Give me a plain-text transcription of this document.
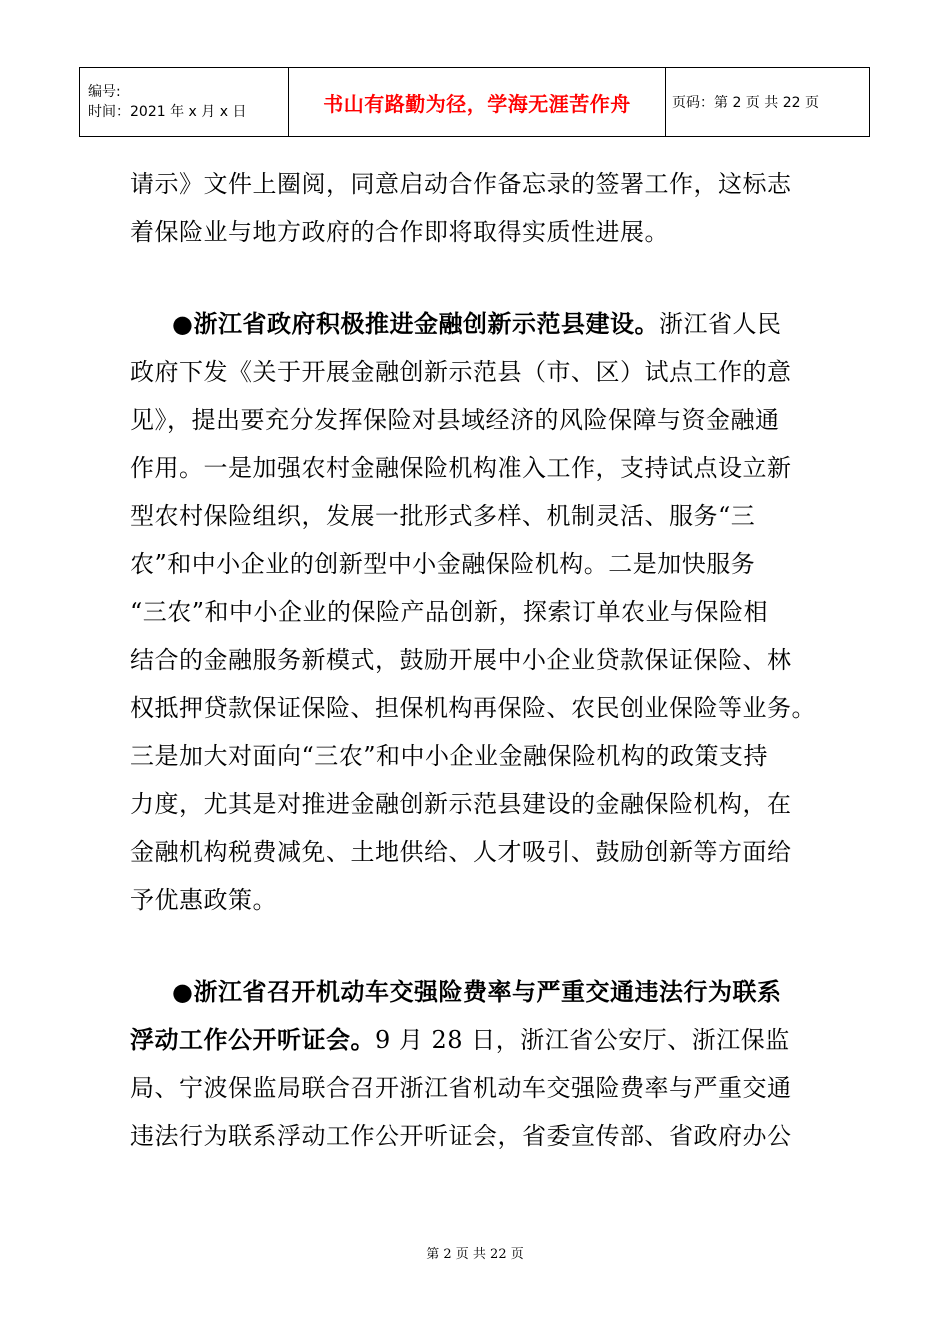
编号:
时间：2021 年 x 月 x 日	书山有路勤为径，学海无涯苦作舟	页码：第 2 页 共 22 页
请示》文件上圈阅，同意启动合作备忘录的签署工作，这标志
着保险业与地方政府的合作即将取得实质性进展。
●浙江省政府积极推进金融创新示范县建设。浙江省人民
政府下发《关于开展金融创新示范县（市、区）试点工作的意
见》，提出要充分发挥保险对县域经济的风险保障与资金融通
作用。一是加强农村金融保险机构准入工作，支持试点设立新
型农村保险组织，发展一批形式多样、机制灵活、服务“三
农”和中小企业的创新型中小金融保险机构。二是加快服务
“三农”和中小企业的保险产品创新，探索订单农业与保险相
结合的金融服务新模式，鼓励开展中小企业贷款保证保险、林
权抵押贷款保证保险、担保机构再保险、农民创业保险等业务。
三是加大对面向“三农”和中小企业金融保险机构的政策支持
力度，尤其是对推进金融创新示范县建设的金融保险机构，在
金融机构税费减免、土地供给、人才吸引、鼓励创新等方面给
予优惠政策。
●浙江省召开机动车交强险费率与严重交通违法行为联系
浮动工作公开听证会。9 月 28 日，浙江省公安厅、浙江保监
局、宁波保监局联合召开浙江省机动车交强险费率与严重交通
违法行为联系浮动工作公开听证会，省委宣传部、省政府办公
第 2 页 共 22 页
